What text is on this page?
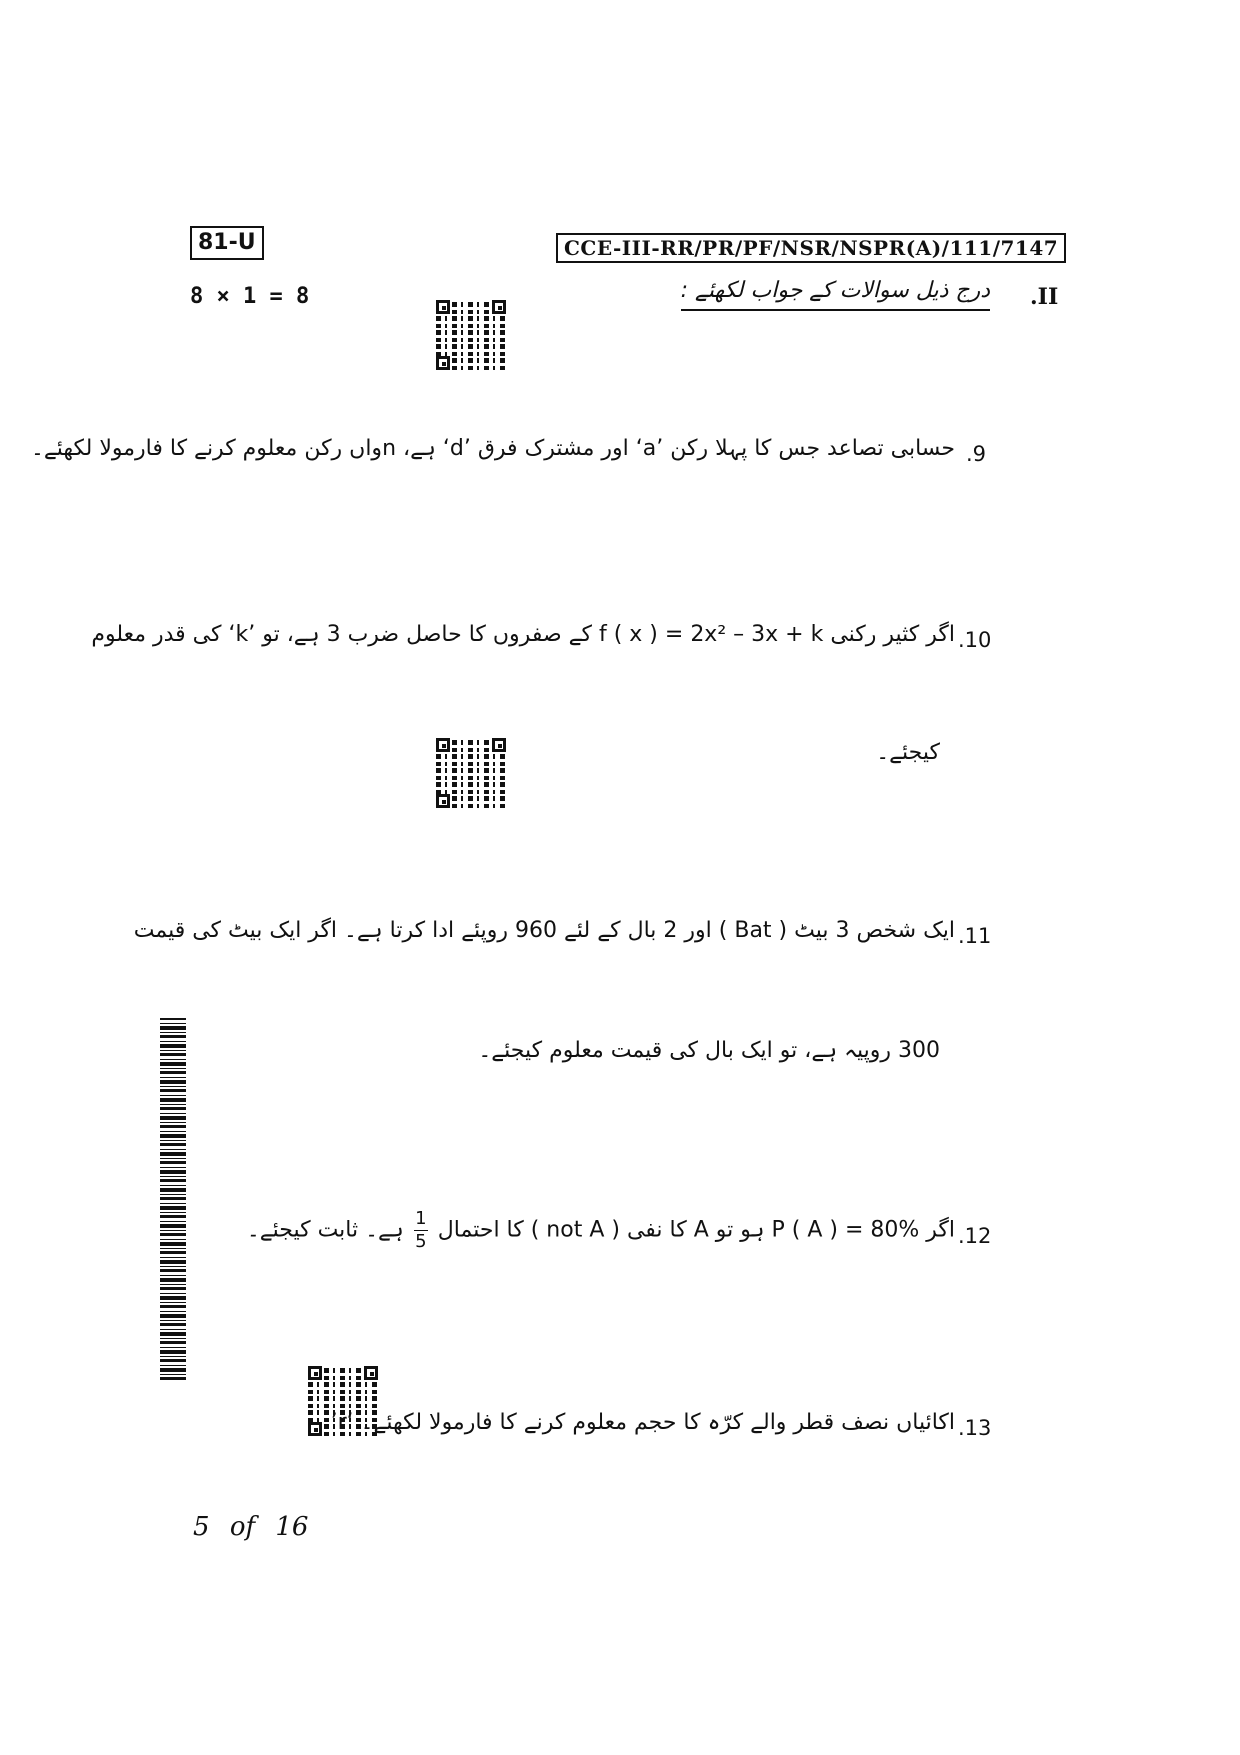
81-U	CCE-III-RR/PR/PF/NSR/NSPR(A)/111/7147
8 × 1 = 8	.II
درج ذیل سوالات کے جواب لکھئے :
.9
حسابی تصاعد جس کا پہلا رکن ’a‘ اور مشترک فرق ’d‘ ہے، nواں رکن معلوم کرنے کا فارمولا لکھئے۔
.10
اگر کثیر رکنی f ( x ) = 2x² – 3x + k کے صفروں کا حاصل ضرب 3 ہے، تو ’k‘ کی قدر معلوم
کیجئے۔
.11
ایک شخص 3 بیٹ ( Bat ) اور 2 بال کے لئے 960 روپئے ادا کرتا ہے۔ اگر ایک بیٹ کی قیمت
300 روپیہ ہے، تو ایک بال کی قیمت معلوم کیجئے۔
.12
اگر P ( A ) = 80% ہو تو A کا نفی ( not A ) کا احتمال
$\frac{1}{5}$
ہے۔ ثابت کیجئے۔
.13
’r‘ اکائیاں نصف قطر والے کرّہ کا حجم معلوم کرنے کا فارمولا لکھئے۔
5 of 16
